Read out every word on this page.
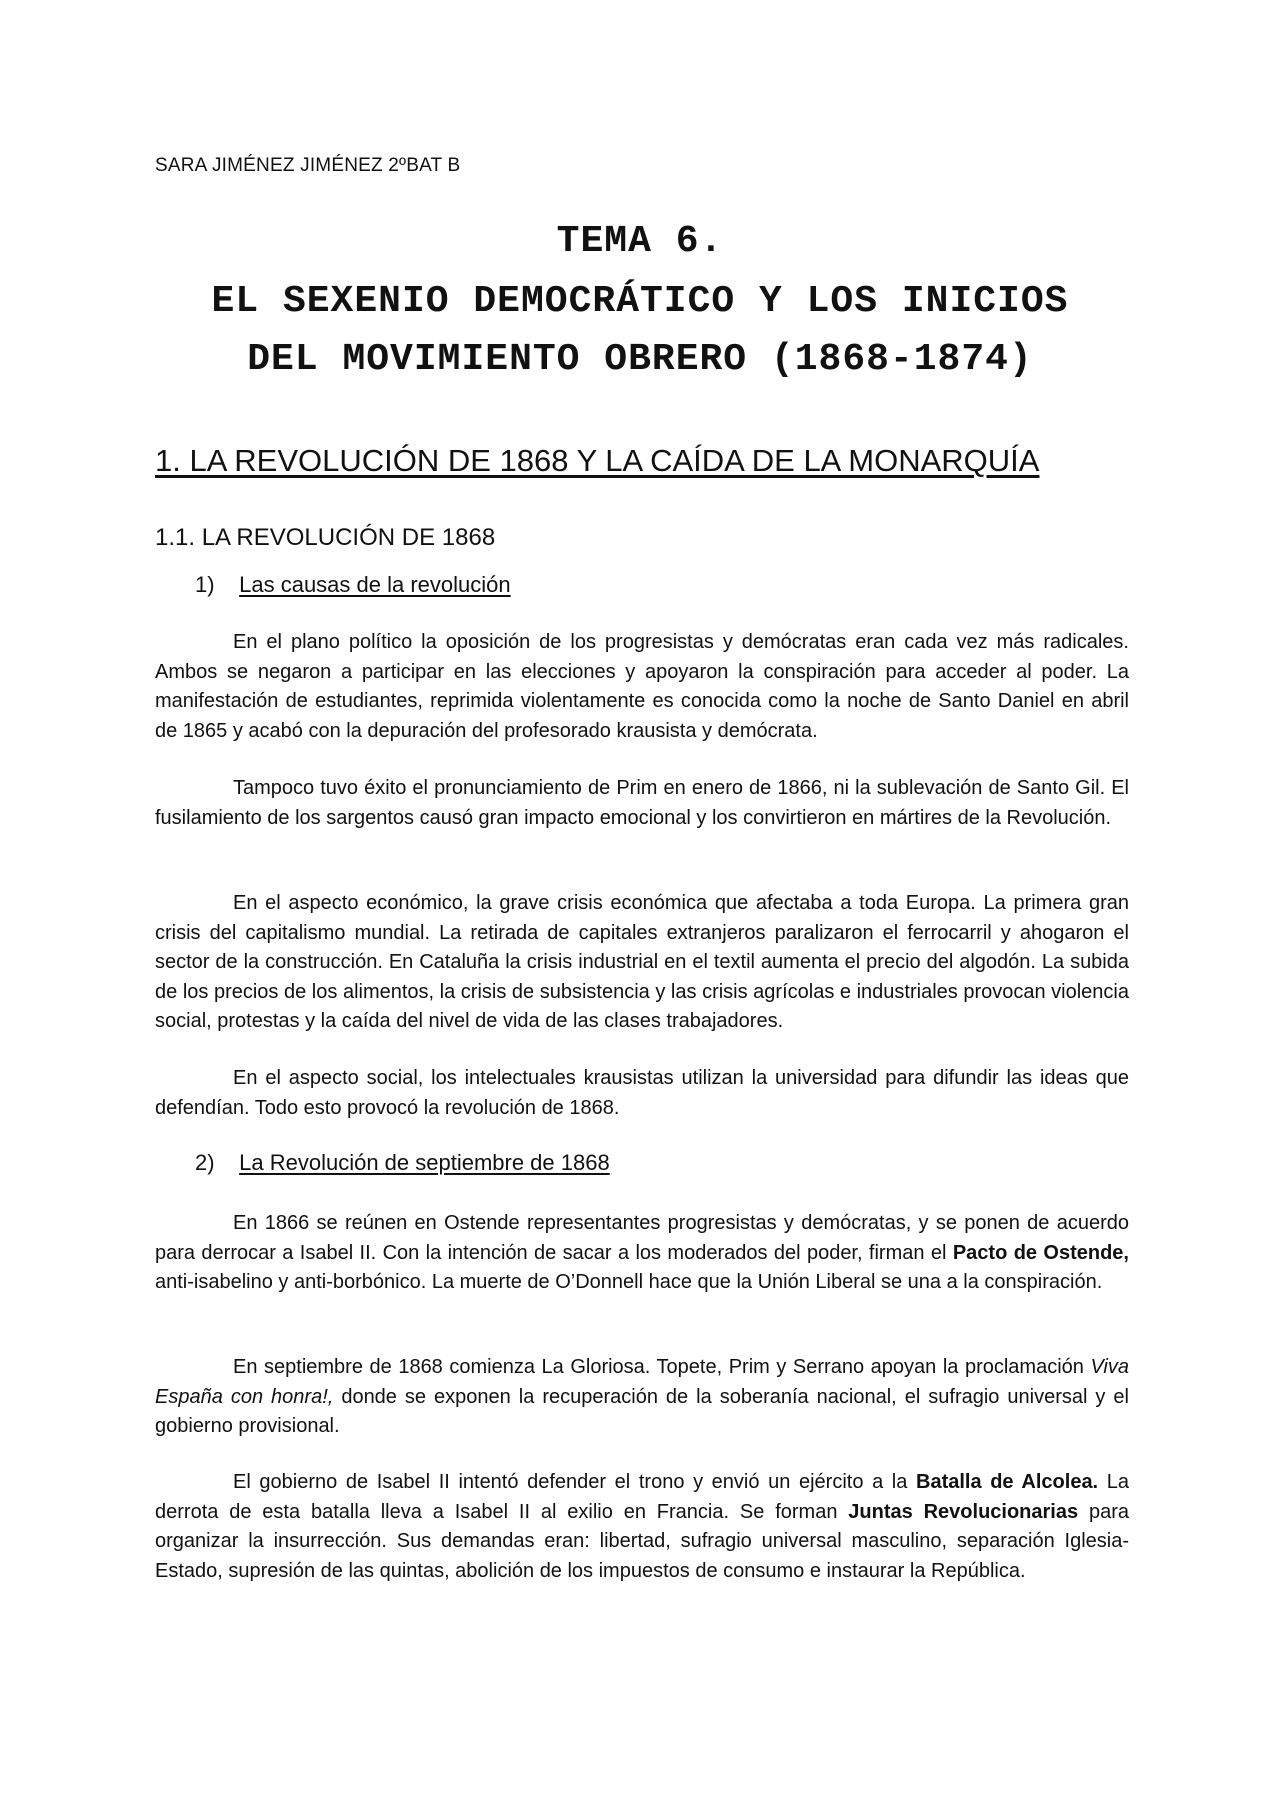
SARA JIMÉNEZ JIMÉNEZ 2ºBAT B
TEMA 6.
EL SEXENIO DEMOCRÁTICO Y LOS INICIOS
DEL MOVIMIENTO OBRERO (1868-1874)
1. LA REVOLUCIÓN DE 1868 Y LA CAÍDA DE LA MONARQUÍA
1.1. LA REVOLUCIÓN DE 1868
1) Las causas de la revolución

En el plano político la oposición de los progresistas y demócratas eran cada vez más radicales. Ambos se negaron a participar en las elecciones y apoyaron la conspiración para acceder al poder. La manifestación de estudiantes, reprimida violentamente es conocida como la noche de Santo Daniel en abril de 1865 y acabó con la depuración del profesorado krausista y demócrata.

Tampoco tuvo éxito el pronunciamiento de Prim en enero de 1866, ni la sublevación de Santo Gil. El fusilamiento de los sargentos causó gran impacto emocional y los convirtieron en mártires de la Revolución.

En el aspecto económico, la grave crisis económica que afectaba a toda Europa. La primera gran crisis del capitalismo mundial. La retirada de capitales extranjeros paralizaron el ferrocarril y ahogaron el sector de la construcción. En Cataluña la crisis industrial en el textil aumenta el precio del algodón. La subida de los precios de los alimentos, la crisis de subsistencia y las crisis agrícolas e industriales provocan violencia social, protestas y la caída del nivel de vida de las clases trabajadores.

En el aspecto social, los intelectuales krausistas utilizan la universidad para difundir las ideas que defendían. Todo esto provocó la revolución de 1868.

2) La Revolución de septiembre de 1868

En 1866 se reúnen en Ostende representantes progresistas y demócratas, y se ponen de acuerdo para derrocar a Isabel II. Con la intención de sacar a los moderados del poder, firman el Pacto de Ostende, anti-isabelino y anti-borbónico. La muerte de O’Donnell hace que la Unión Liberal se una a la conspiración.

En septiembre de 1868 comienza La Gloriosa. Topete, Prim y Serrano apoyan la proclamación Viva España con honra!, donde se exponen la recuperación de la soberanía nacional, el sufragio universal y el gobierno provisional.

El gobierno de Isabel II intentó defender el trono y envió un ejército a la Batalla de Alcolea. La derrota de esta batalla lleva a Isabel II al exilio en Francia. Se forman Juntas Revolucionarias para organizar la insurrección. Sus demandas eran: libertad, sufragio universal masculino, separación Iglesia-Estado, supresión de las quintas, abolición de los impuestos de consumo e instaurar la República.
